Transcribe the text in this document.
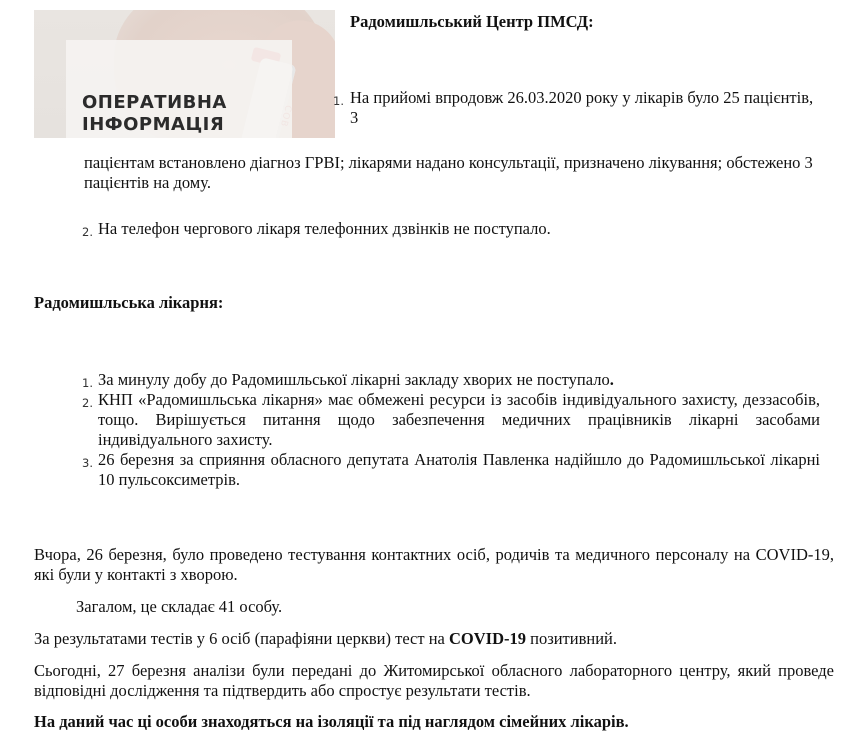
ОПЕРАТИВНА
ІНФОРМАЦІЯ
Радомишльський Центр ПМСД:
1. На прийомі впродовж 26.03.2020 року у лікарів було 25 пацієнтів, 3
пацієнтам встановлено діагноз ГРВІ; лікарями надано консультації, призначено лікування; обстежено 3 пацієнтів на дому.
2. На телефон чергового лікаря телефонних дзвінків не поступало.
Радомишльська лікарня:
1. За минулу добу до Радомишльської лікарні закладу хворих не поступало.
2. КНП «Радомишльська лікарня» має обмежені ресурси із засобів індивідуального захисту, деззасобів, тощо. Вирішується питання щодо забезпечення медичних працівників лікарні засобами індивідуального захисту.
3. 26 березня за сприяння обласного депутата Анатолія Павленка надійшло до Радомишльської лікарні 10 пульсоксиметрів.
Вчора, 26 березня, було проведено тестування контактних осіб, родичів та медичного персоналу на COVID-19, які були у контакті з хворою.
Загалом, це складає 41 особу.
За результатами тестів у 6 осіб (парафіяни церкви) тест на COVID-19 позитивний.
Сьогодні, 27 березня аналізи були передані до Житомирської обласного лабораторного центру, який проведе відповідні дослідження та підтвердить або спростує результати тестів.
На даний час ці особи знаходяться на ізоляції та під наглядом сімейних лікарів.
